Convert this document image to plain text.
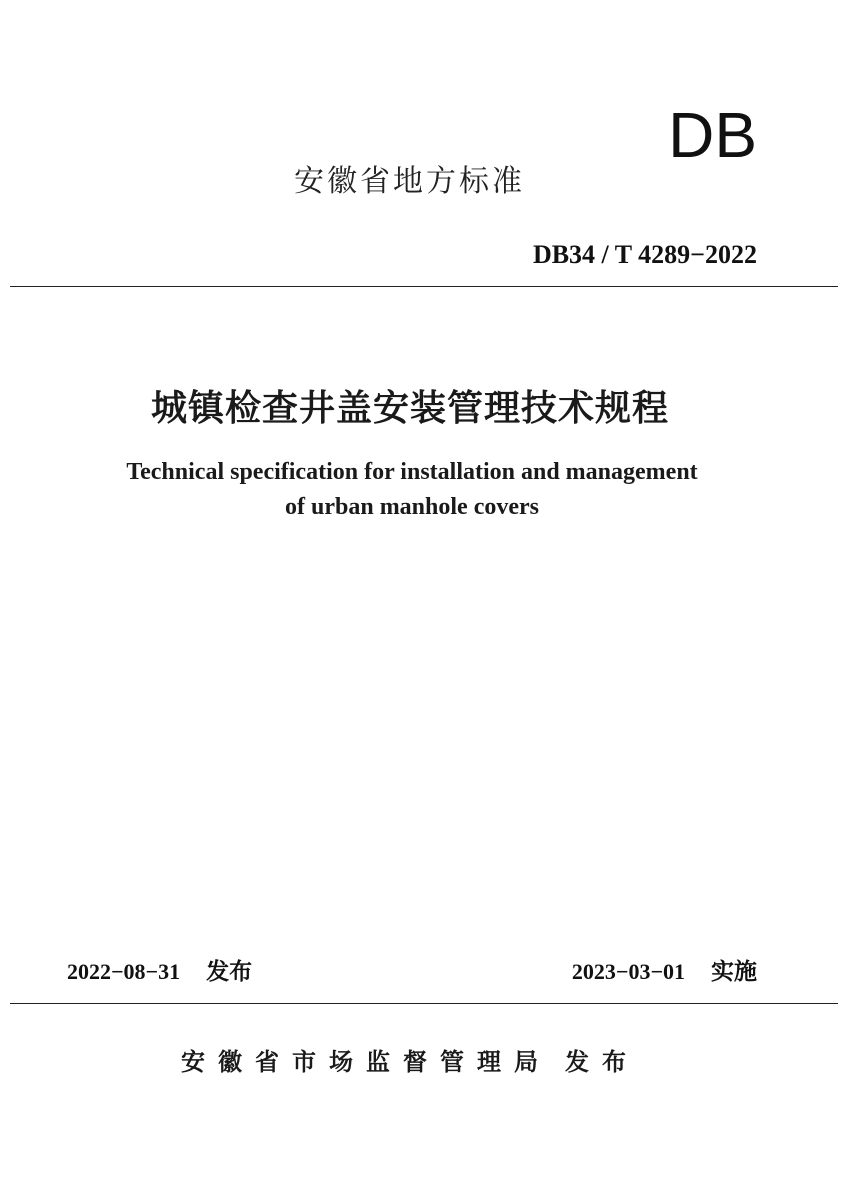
DB
安徽省地方标准
DB34 / T 4289−2022
城镇检查井盖安装管理技术规程
Technical specification for installation and management
of urban manhole covers
2022−08−31 发布	2023−03−01 实施
安徽省市场监督管理局 发布
